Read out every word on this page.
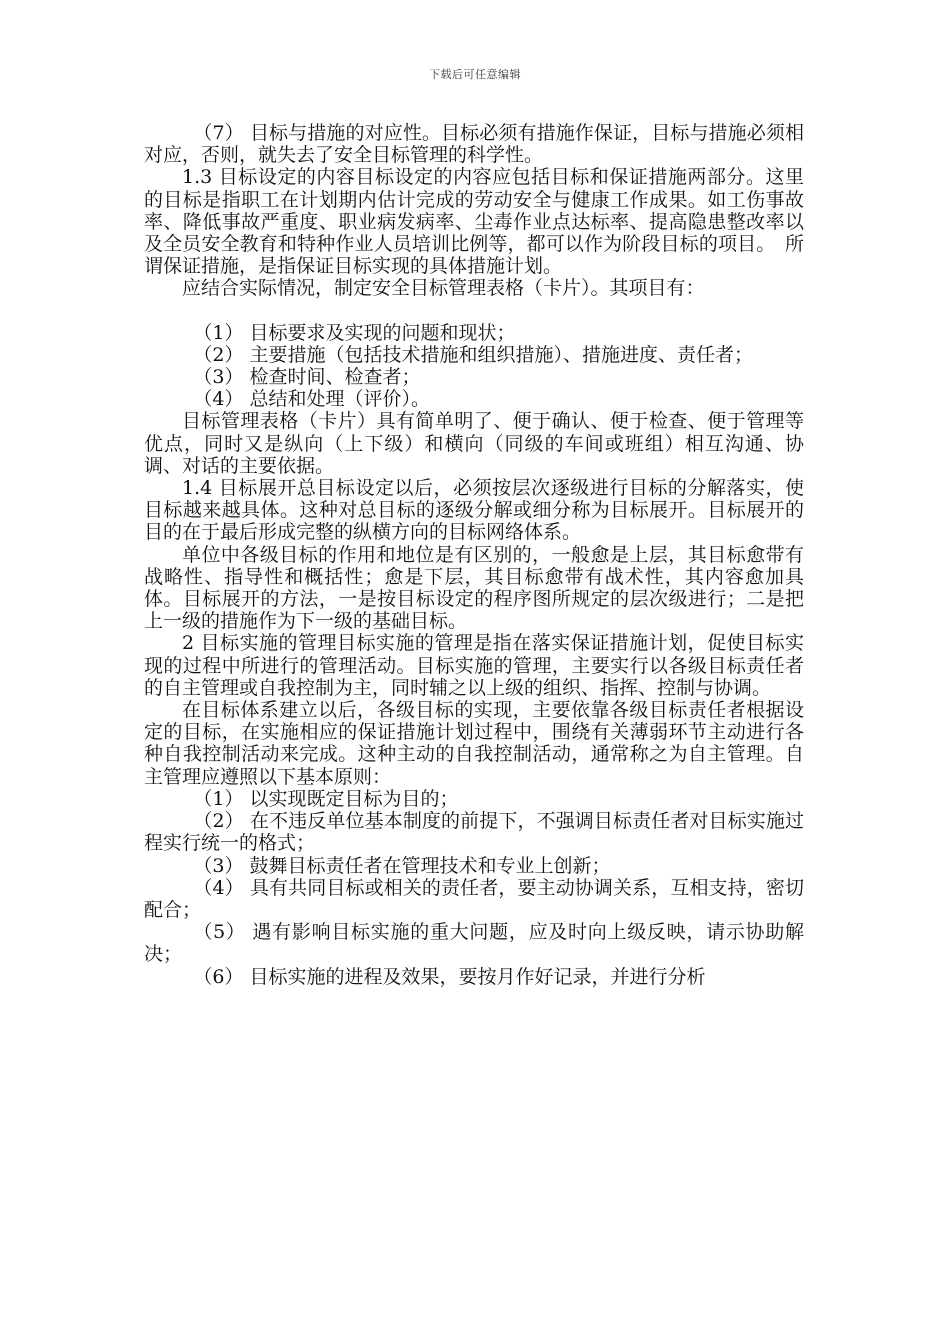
下载后可任意编辑

（7） 目标与措施的对应性。目标必须有措施作保证，目标与措施必须相对应，否则，就失去了安全目标管理的科学性。

1.3 目标设定的内容目标设定的内容应包括目标和保证措施两部分。这里的目标是指职工在计划期内估计完成的劳动安全与健康工作成果。如工伤事故率、降低事故严重度、职业病发病率、尘毒作业点达标率、提高隐患整改率以及全员安全教育和特种作业人员培训比例等，都可以作为阶段目标的项目。　所谓保证措施，是指保证目标实现的具体措施计划。

应结合实际情况，制定安全目标管理表格（卡片）。其项目有：

（1） 目标要求及实现的问题和现状；

（2） 主要措施（包括技术措施和组织措施）、措施进度、责任者；

（3） 检查时间、检查者；

（4） 总结和处理（评价）。

目标管理表格（卡片）具有简单明了、便于确认、便于检查、便于管理等优点，同时又是纵向（上下级）和横向（同级的车间或班组）相互沟通、协调、对话的主要依据。

1.4 目标展开总目标设定以后，必须按层次逐级进行目标的分解落实，使目标越来越具体。这种对总目标的逐级分解或细分称为目标展开。目标展开的目的在于最后形成完整的纵横方向的目标网络体系。

单位中各级目标的作用和地位是有区别的，一般愈是上层，其目标愈带有战略性、指导性和概括性；愈是下层，其目标愈带有战术性，其内容愈加具体。目标展开的方法，一是按目标设定的程序图所规定的层次级进行；二是把上一级的措施作为下一级的基础目标。

2 目标实施的管理目标实施的管理是指在落实保证措施计划，促使目标实现的过程中所进行的管理活动。目标实施的管理，主要实行以各级目标责任者的自主管理或自我控制为主，同时辅之以上级的组织、指挥、控制与协调。

在目标体系建立以后，各级目标的实现，主要依靠各级目标责任者根据设定的目标，在实施相应的保证措施计划过程中，围绕有关薄弱环节主动进行各种自我控制活动来完成。这种主动的自我控制活动，通常称之为自主管理。自主管理应遵照以下基本原则：

（1） 以实现既定目标为目的；

（2） 在不违反单位基本制度的前提下，不强调目标责任者对目标实施过程实行统一的格式；

（3） 鼓舞目标责任者在管理技术和专业上创新；

（4） 具有共同目标或相关的责任者，要主动协调关系，互相支持，密切配合；

（5） 遇有影响目标实施的重大问题，应及时向上级反映，请示协助解决；

（6） 目标实施的进程及效果，要按月作好记录，并进行分析
